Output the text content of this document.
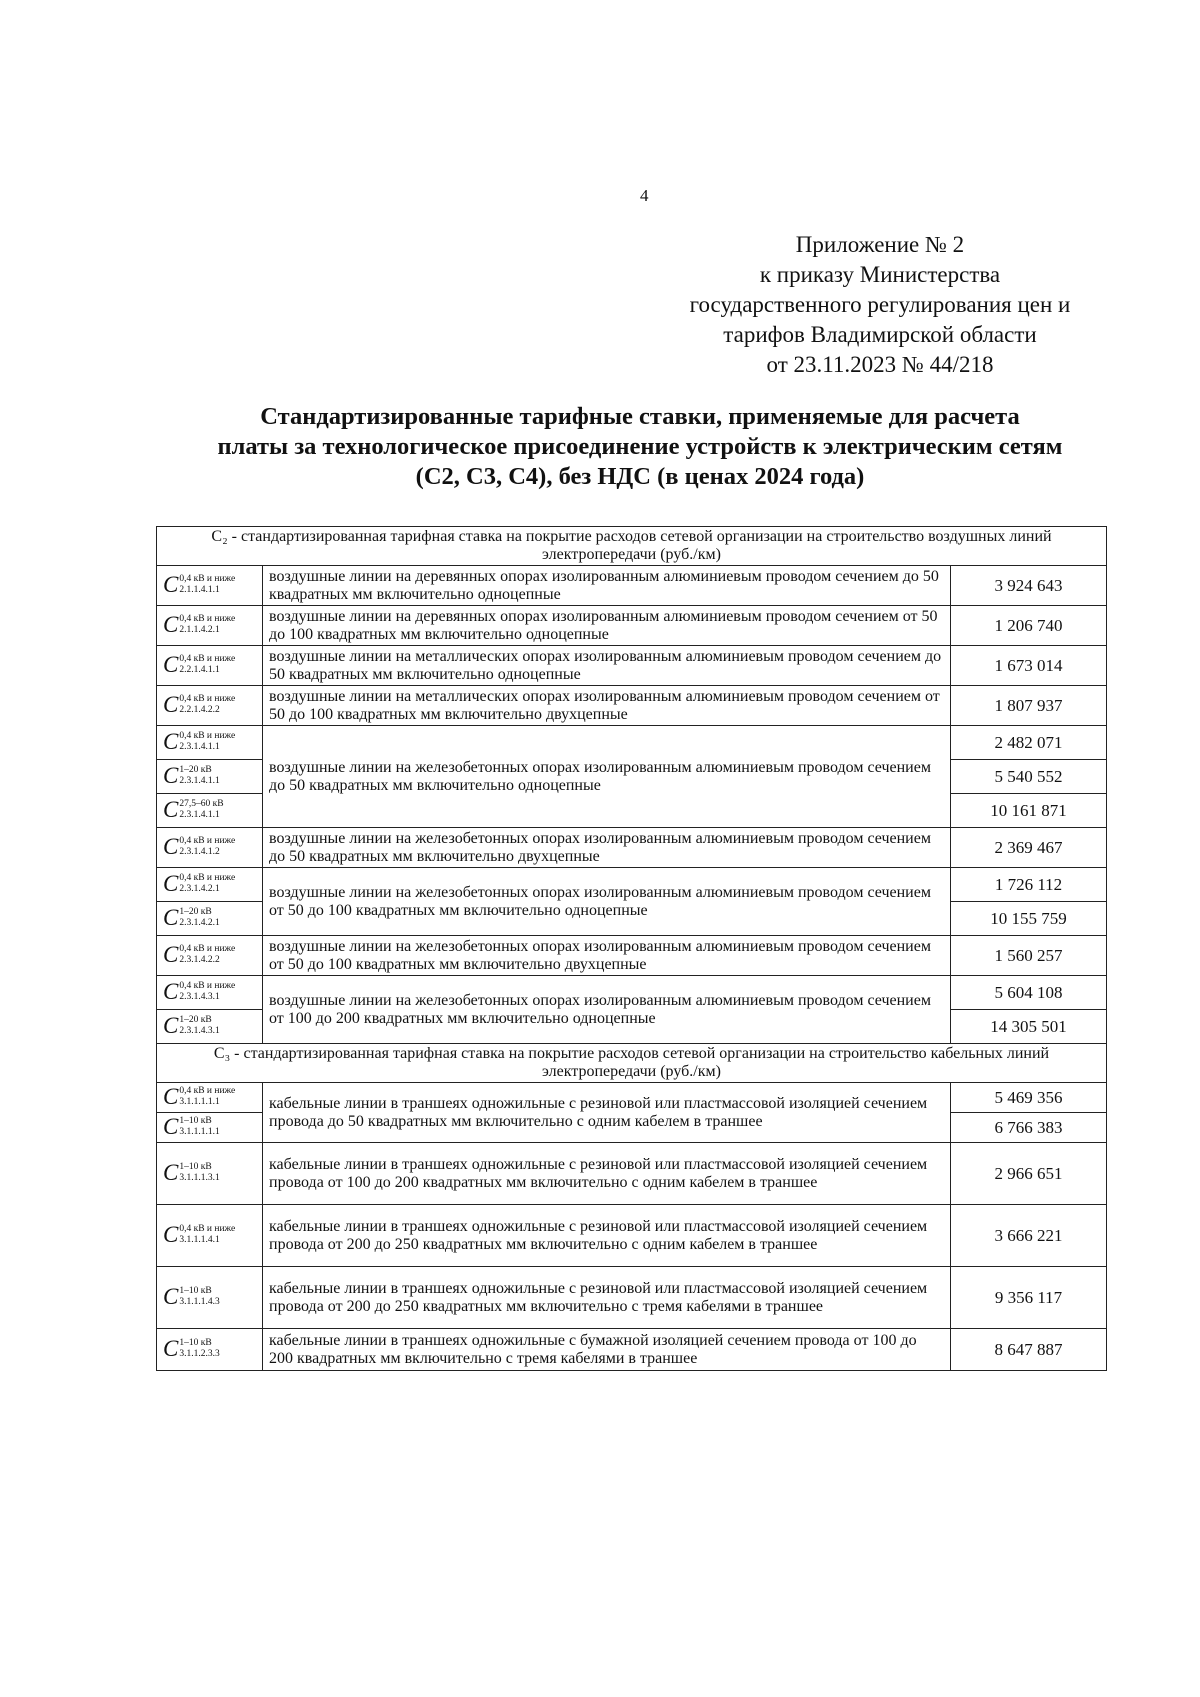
4
Приложение № 2
к приказу Министерства
государственного регулирования цен и
тарифов Владимирской области
от 23.11.2023 № 44/218
Стандартизированные тарифные ставки, применяемые для расчета
платы за технологическое присоединение устройств к электрическим сетям
(С2, С3, С4), без НДС (в ценах 2024 года)
С₂ - стандартизированная тарифная ставка на покрытие расходов сетевой организации на строительство воздушных линий электропередачи (руб./км)		

C 0,4 кВ и ниже
2.1.1.4.1.1	воздушные линии на деревянных опорах изолированным алюминиевым проводом сечением до 50 квадратных мм включительно одноцепные	3 924 643

C 0,4 кВ и ниже
2.1.1.4.2.1	воздушные линии на деревянных опорах изолированным алюминиевым проводом сечением от 50 до 100 квадратных мм включительно одноцепные	1 206 740

C 0,4 кВ и ниже
2.2.1.4.1.1	воздушные линии на металлических опорах изолированным алюминиевым проводом сечением до 50 квадратных мм включительно одноцепные	1 673 014

C 0,4 кВ и ниже
2.2.1.4.2.2	воздушные линии на металлических опорах изолированным алюминиевым проводом сечением от 50 до 100 квадратных мм включительно двухцепные	1 807 937

C 0,4 кВ и ниже
2.3.1.4.1.1	воздушные линии на железобетонных опорах изолированным алюминиевым проводом сечением до 50 квадратных мм включительно одноцепные	2 482 071

C 1–20 кВ
2.3.1.4.1.1		5 540 552

C 27,5–60 кВ
2.3.1.4.1.1		10 161 871

C 0,4 кВ и ниже
2.3.1.4.1.2	воздушные линии на железобетонных опорах изолированным алюминиевым проводом сечением до 50 квадратных мм включительно двухцепные	2 369 467

C 0,4 кВ и ниже
2.3.1.4.2.1	воздушные линии на железобетонных опорах изолированным алюминиевым проводом сечением от 50 до 100 квадратных мм включительно одноцепные	1 726 112

C 1–20 кВ
2.3.1.4.2.1		10 155 759

C 0,4 кВ и ниже
2.3.1.4.2.2	воздушные линии на железобетонных опорах изолированным алюминиевым проводом сечением от 50 до 100 квадратных мм включительно двухцепные	1 560 257

C 0,4 кВ и ниже
2.3.1.4.3.1	воздушные линии на железобетонных опорах изолированным алюминиевым проводом сечением от 100 до 200 квадратных мм включительно одноцепные	5 604 108

C 1–20 кВ
2.3.1.4.3.1		14 305 501
С₃ - стандартизированная тарифная ставка на покрытие расходов сетевой организации на строительство кабельных линий электропередачи (руб./км)		

C 0,4 кВ и ниже
3.1.1.1.1.1	кабельные линии в траншеях одножильные с резиновой или пластмассовой изоляцией сечением провода до 50 квадратных мм включительно с одним кабелем в траншее	5 469 356

C 1–10 кВ
3.1.1.1.1.1		6 766 383

C 1–10 кВ
3.1.1.1.3.1	кабельные линии в траншеях одножильные с резиновой или пластмассовой изоляцией сечением провода от 100 до 200 квадратных мм включительно с одним кабелем в траншее	2 966 651

C 0,4 кВ и ниже
3.1.1.1.4.1	кабельные линии в траншеях одножильные с резиновой или пластмассовой изоляцией сечением провода от 200 до 250 квадратных мм включительно с одним кабелем в траншее	3 666 221

C 1–10 кВ
3.1.1.1.4.3	кабельные линии в траншеях одножильные с резиновой или пластмассовой изоляцией сечением провода от 200 до 250 квадратных мм включительно с тремя кабелями в траншее	9 356 117

C 1–10 кВ
3.1.1.2.3.3	кабельные линии в траншеях одножильные с бумажной изоляцией сечением провода от 100 до 200 квадратных мм включительно с тремя кабелями в траншее	8 647 887
